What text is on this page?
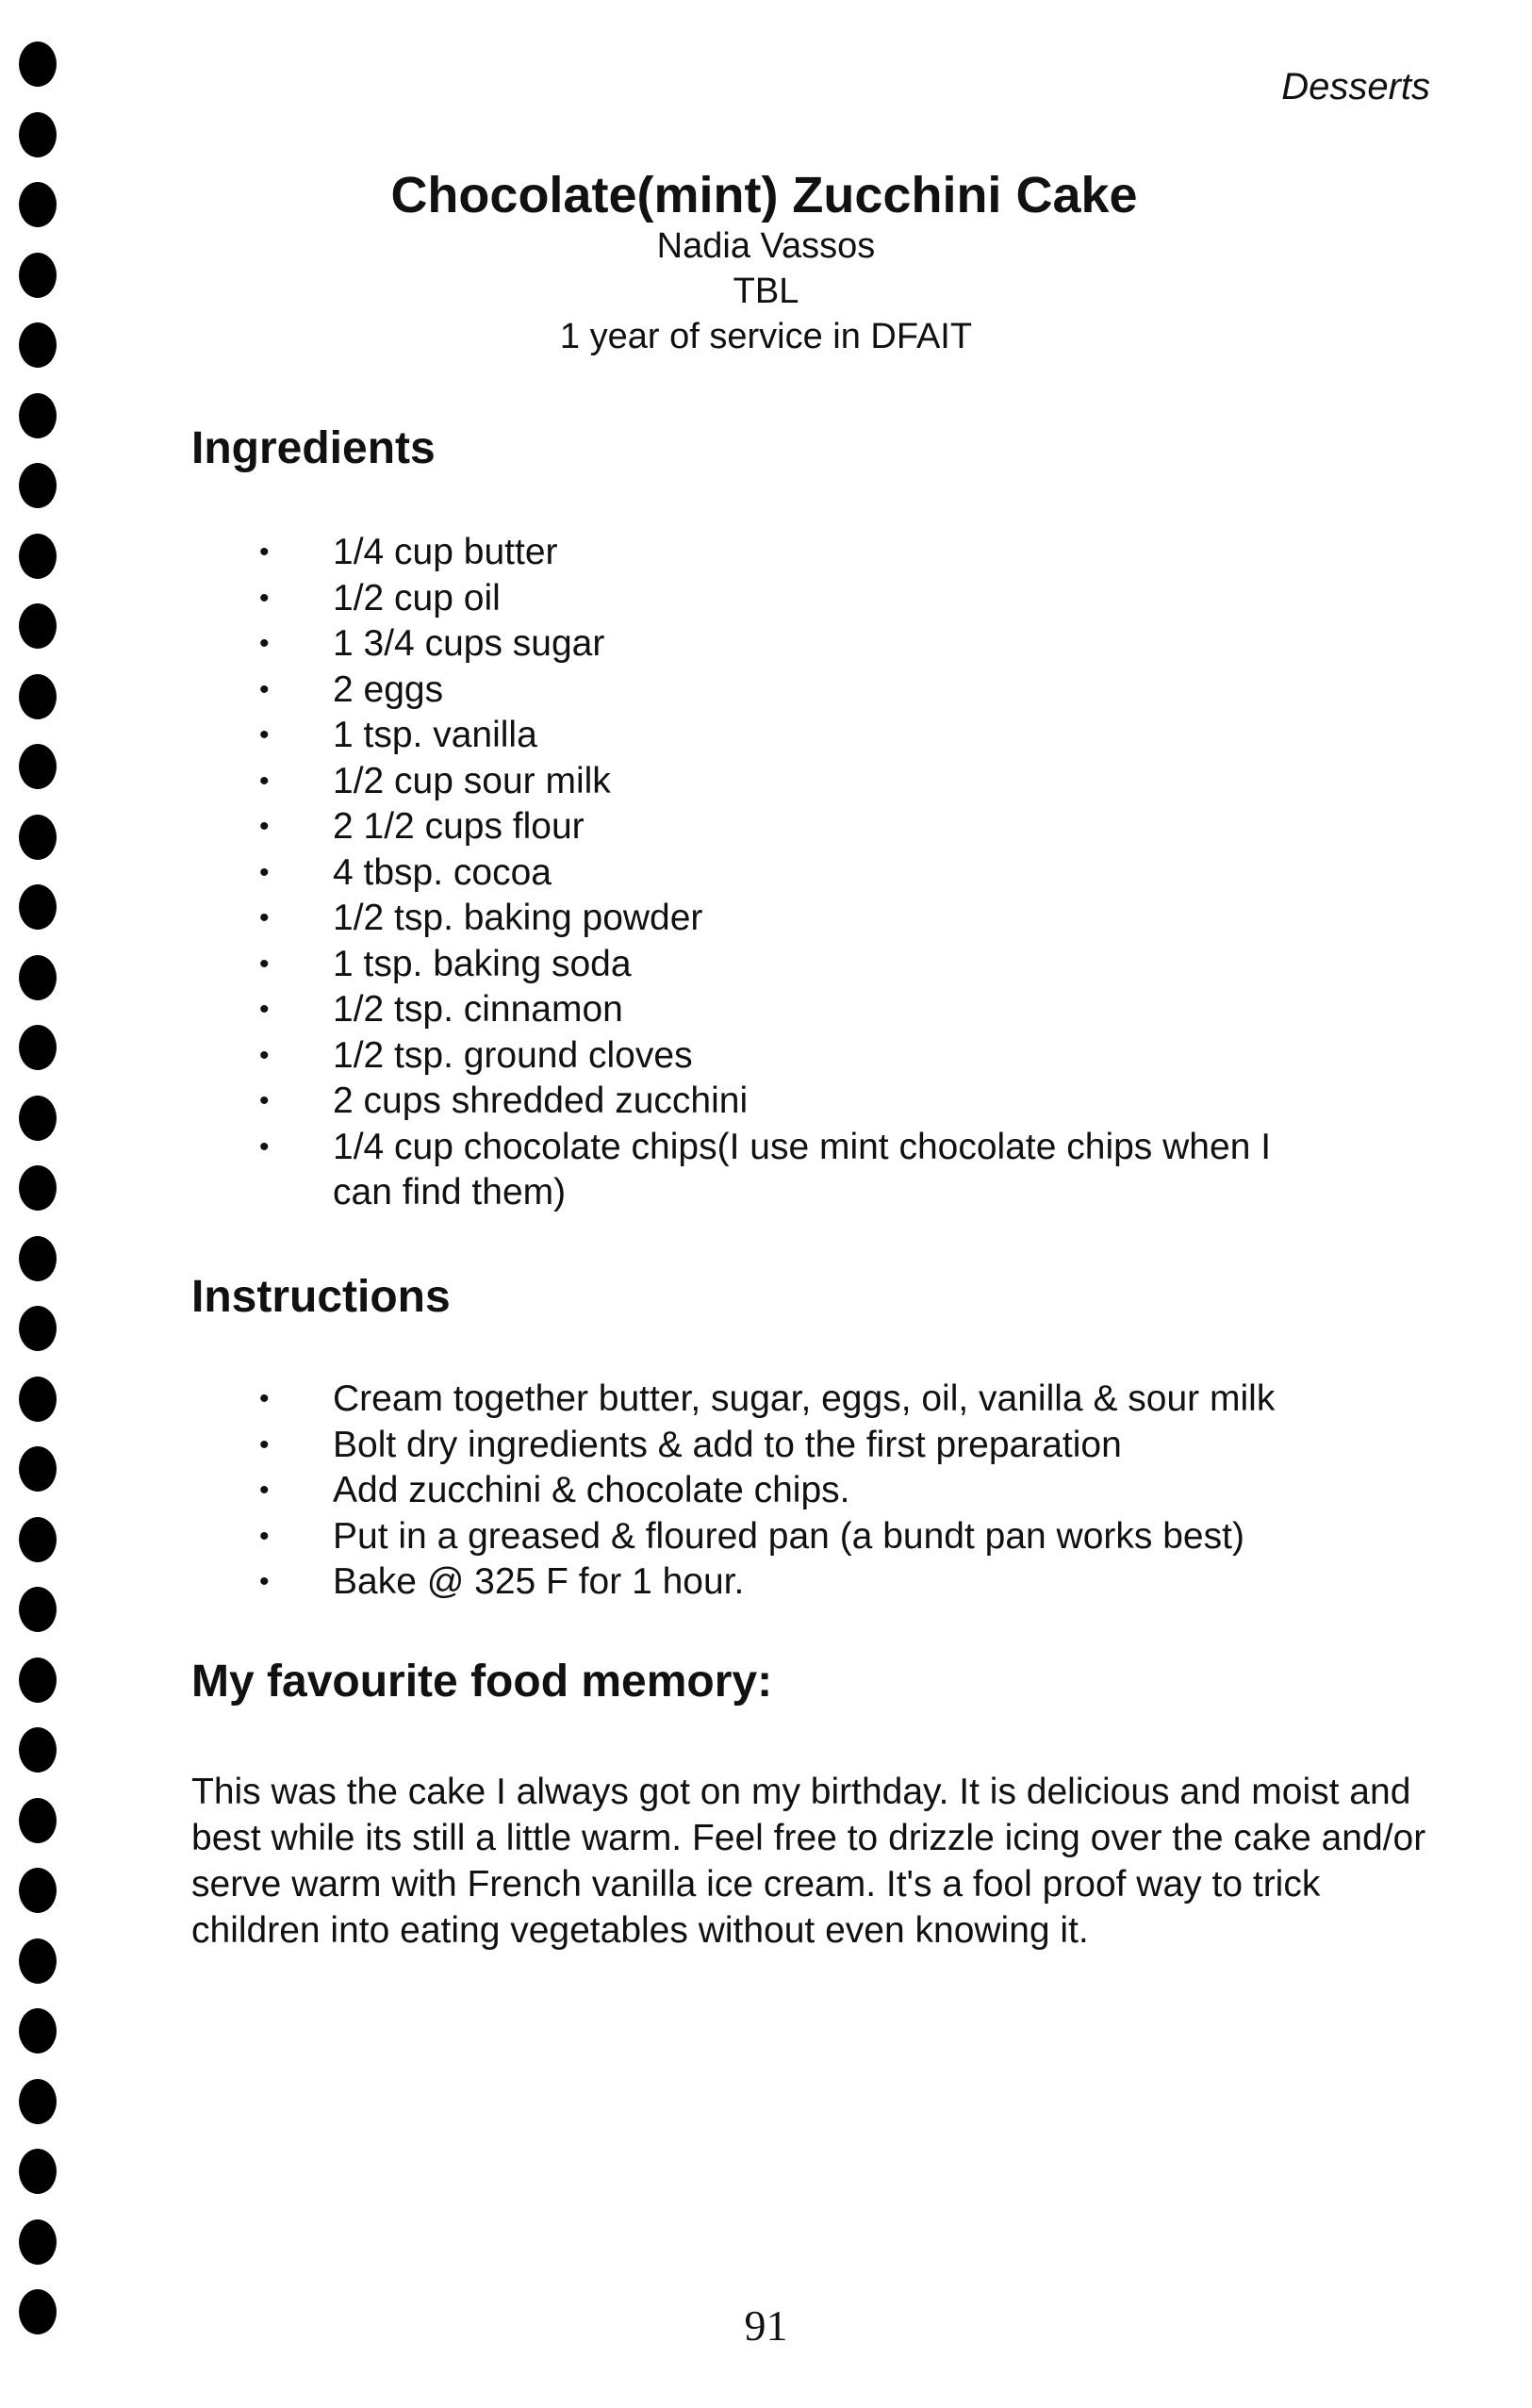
Desserts
Chocolate(mint) Zucchini Cake
Nadia Vassos
TBL
1 year of service in DFAIT
Ingredients
• 1/4 cup butter
• 1/2 cup oil
• 1 3/4 cups sugar
• 2 eggs
• 1 tsp. vanilla
• 1/2 cup sour milk
• 2 1/2 cups flour
• 4 tbsp. cocoa
• 1/2 tsp. baking powder
• 1 tsp. baking soda
• 1/2 tsp. cinnamon
• 1/2 tsp. ground cloves
• 2 cups shredded zucchini
• 1/4 cup chocolate chips(I use mint chocolate chips when I can find them)
Instructions
• Cream together butter, sugar, eggs, oil, vanilla & sour milk
• Bolt dry ingredients & add to the first preparation
• Add zucchini & chocolate chips.
• Put in a greased & floured pan (a bundt pan works best)
• Bake @ 325 F for 1 hour.
My favourite food memory:
This was the cake I always got on my birthday. It is delicious and moist and best while its still a little warm. Feel free to drizzle icing over the cake and/or serve warm with French vanilla ice cream. It's a fool proof way to trick children into eating vegetables without even knowing it.
91
